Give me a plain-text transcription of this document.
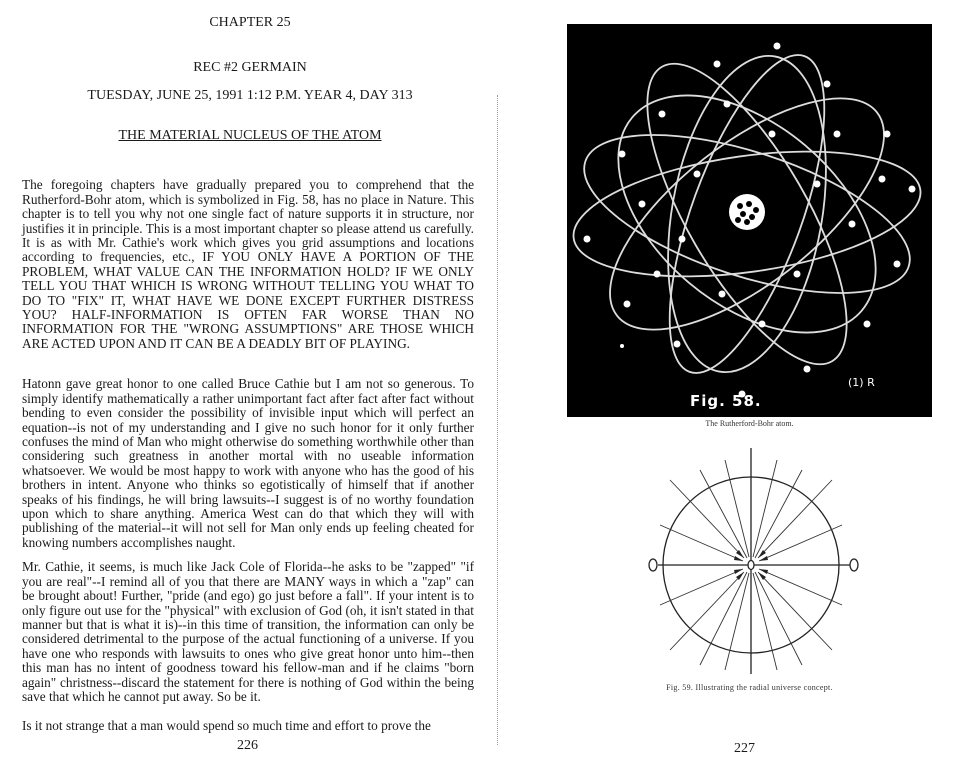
CHAPTER 25
REC #2 GERMAIN
TUESDAY, JUNE 25, 1991 1:12 P.M. YEAR 4, DAY 313
THE MATERIAL NUCLEUS OF THE ATOM

The foregoing chapters have gradually prepared you to comprehend that the Rutherford-Bohr atom, which is symbolized in Fig. 58, has no place in Nature. This chapter is to tell you why not one single fact of nature supports it in structure, nor justifies it in principle. This is a most important chapter so please attend us carefully. It is as with Mr. Cathie's work which gives you grid assumptions and locations according to frequencies, etc., IF YOU ONLY HAVE A PORTION OF THE PROBLEM, WHAT VALUE CAN THE INFORMATION HOLD? IF WE ONLY TELL YOU THAT WHICH IS WRONG WITHOUT TELLING YOU WHAT TO DO TO "FIX" IT, WHAT HAVE WE DONE EXCEPT FURTHER DISTRESS YOU? HALF-INFORMATION IS OFTEN FAR WORSE THAN NO INFORMATION FOR THE "WRONG ASSUMPTIONS" ARE THOSE WHICH ARE ACTED UPON AND IT CAN BE A DEADLY BIT OF PLAYING.

Hatonn gave great honor to one called Bruce Cathie but I am not so generous. To simply identify mathematically a rather unimportant fact after fact after fact without bending to even consider the possibility of invisible input which will perfect an equation--is not of my understanding and I give no such honor for it only further confuses the mind of Man who might otherwise do something worthwhile other than considering such greatness in another mortal with no useable information whatsoever. We would be most happy to work with anyone who has the good of his brothers in intent. Anyone who thinks so egotistically of himself that if another speaks of his findings, he will bring lawsuits--I suggest is of no worthy foundation upon which to share anything. America West can do that which they will with publishing of the material--it will not sell for Man only ends up feeling cheated for knowing numbers accomplishes naught.

Mr. Cathie, it seems, is much like Jack Cole of Florida--he asks to be "zapped" "if you are real"--I remind all of you that there are MANY ways in which a "zap" can be brought about! Further, "pride (and ego) go just before a fall". If your intent is to only figure out use for the "physical" with exclusion of God (oh, it isn't stated in that manner but that is what it is)--in this time of transition, the information can only be considered detrimental to the purpose of the actual functioning of a universe. If you have one who responds with lawsuits to ones who give great honor unto him--then this man has no intent of goodness toward his fellow-man and if he claims "born again" christness--discard the statement for there is nothing of God within the being save that which he cannot put away. So be it.

Is it not strange that a man would spend so much time and effort to prove the

226
(1) R
Fig. 58.
The Rutherford-Bohr atom.
Fig. 59. Illustrating the radial universe concept.
227
